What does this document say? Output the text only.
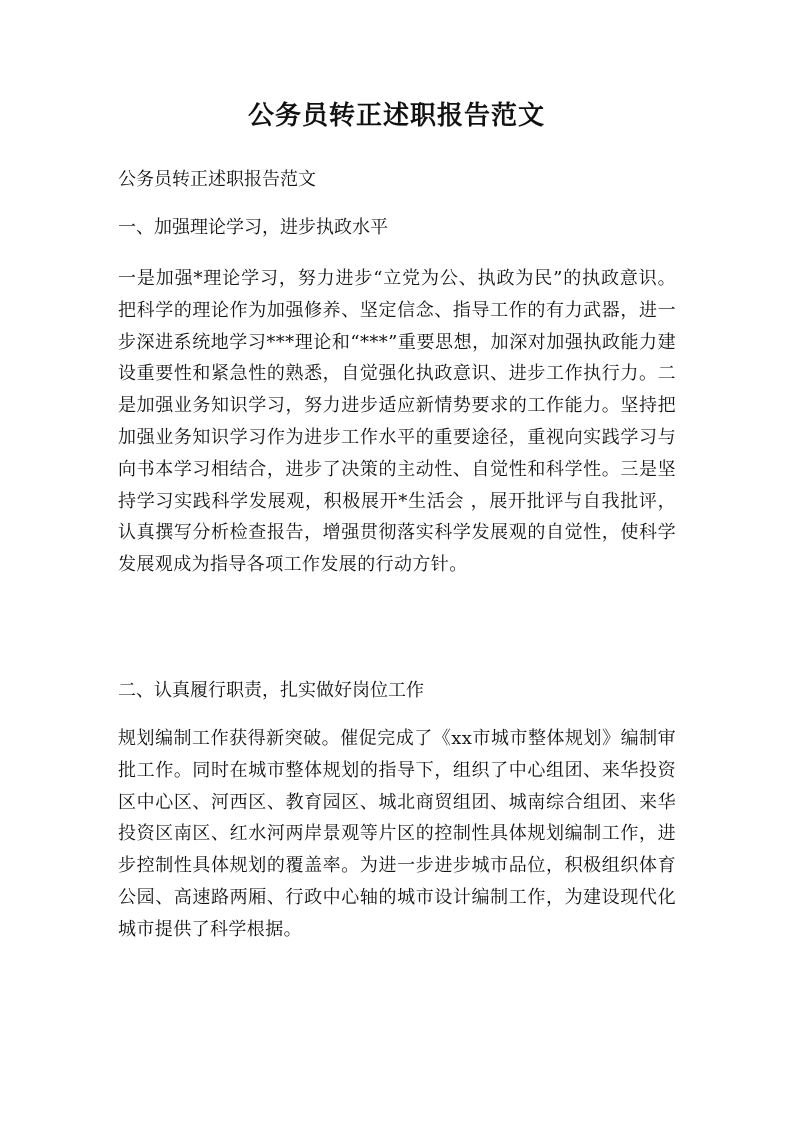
公务员转正述职报告范文
公务员转正述职报告范文
一、加强理论学习，进步执政水平

一是加强*理论学习，努力进步“立党为公、执政为民”的执政意识。把科学的理论作为加强修养、坚定信念、指导工作的有力武器，进一步深进系统地学习***理论和“***”重要思想，加深对加强执政能力建设重要性和紧急性的熟悉，自觉强化执政意识、进步工作执行力。二是加强业务知识学习，努力进步适应新情势要求的工作能力。坚持把加强业务知识学习作为进步工作水平的重要途径，重视向实践学习与向书本学习相结合，进步了决策的主动性、自觉性和科学性。三是坚持学习实践科学发展观，积极展开*生活会 ，展开批评与自我批评，认真撰写分析检查报告，增强贯彻落实科学发展观的自觉性，使科学发展观成为指导各项工作发展的行动方针。

二、认真履行职责，扎实做好岗位工作

规划编制工作获得新突破。催促完成了《xx市城市整体规划》编制审批工作。同时在城市整体规划的指导下，组织了中心组团、来华投资区中心区、河西区、教育园区、城北商贸组团、城南综合组团、来华投资区南区、红水河两岸景观等片区的控制性具体规划编制工作，进步控制性具体规划的覆盖率。为进一步进步城市品位，积极组织体育公园、高速路两厢、行政中心轴的城市设计编制工作，为建设现代化城市提供了科学根据。
